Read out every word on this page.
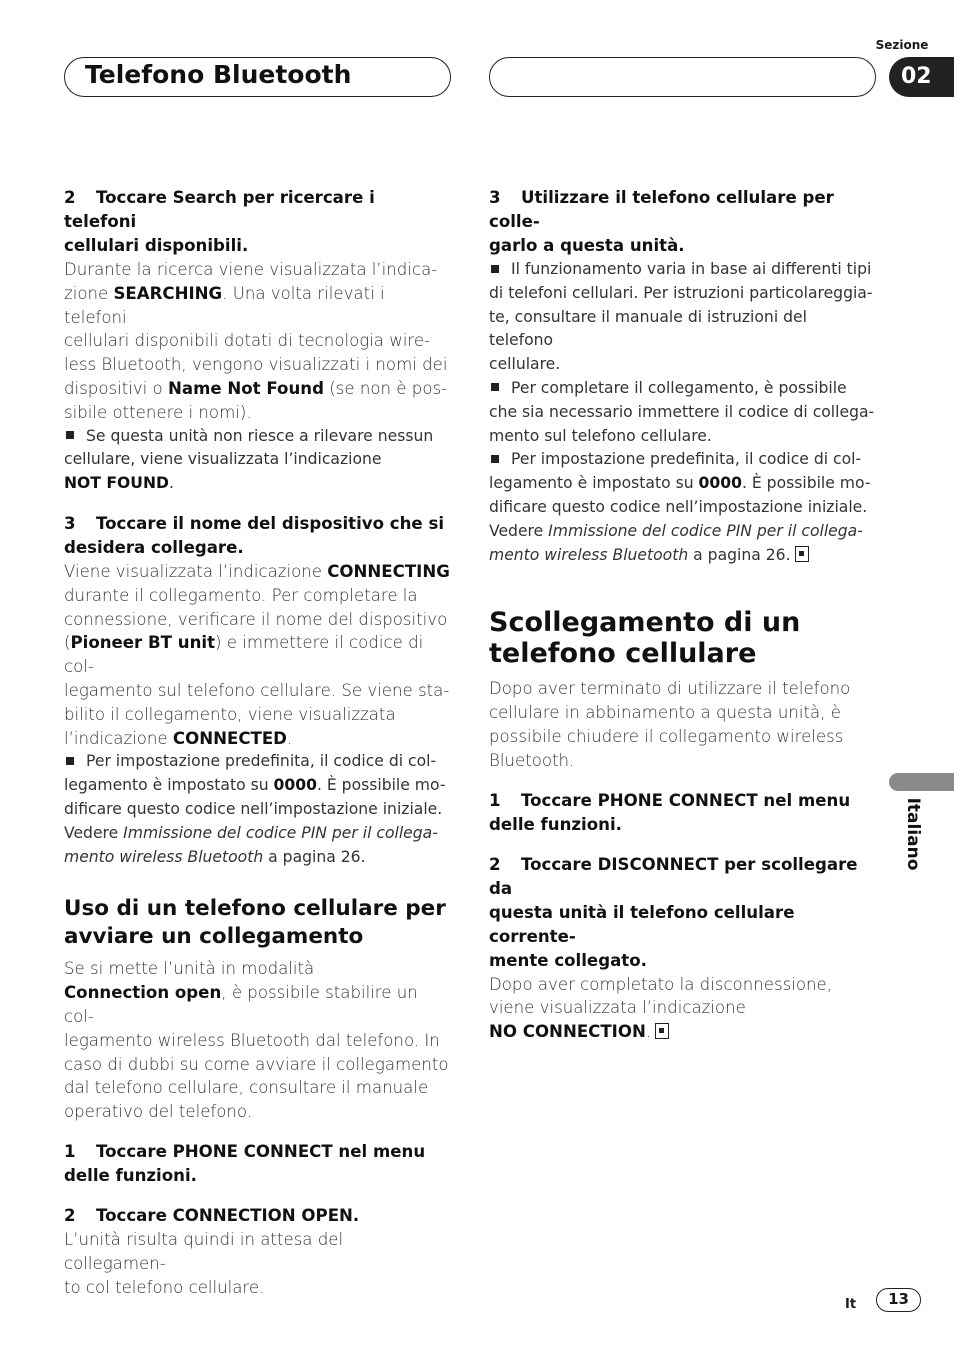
Telefono Bluetooth
Sezione
02
2 Toccare Search per ricercare i telefoni
cellulari disponibili.
Durante la ricerca viene visualizzata l’indica-
zione SEARCHING. Una volta rilevati i telefoni
cellulari disponibili dotati di tecnologia wire-
less Bluetooth, vengono visualizzati i nomi dei
dispositivi o Name Not Found (se non è pos-
sibile ottenere i nomi).
Se questa unità non riesce a rilevare nessun
cellulare, viene visualizzata l’indicazione
NOT FOUND.
3 Toccare il nome del dispositivo che si
desidera collegare.
Viene visualizzata l’indicazione CONNECTING
durante il collegamento. Per completare la
connessione, verificare il nome del dispositivo
(Pioneer BT unit) e immettere il codice di col-
legamento sul telefono cellulare. Se viene sta-
bilito il collegamento, viene visualizzata
l’indicazione CONNECTED.
Per impostazione predefinita, il codice di col-
legamento è impostato su 0000. È possibile mo-
dificare questo codice nell’impostazione iniziale.
Vedere Immissione del codice PIN per il collega-
mento wireless Bluetooth a pagina 26.
Uso di un telefono cellulare per
avviare un collegamento
Se si mette l’unità in modalità
Connection open, è possibile stabilire un col-
legamento wireless Bluetooth dal telefono. In
caso di dubbi su come avviare il collegamento
dal telefono cellulare, consultare il manuale
operativo del telefono.
1 Toccare PHONE CONNECT nel menu
delle funzioni.
2 Toccare CONNECTION OPEN.
L’unità risulta quindi in attesa del collegamen-
to col telefono cellulare.
3 Utilizzare il telefono cellulare per colle-
garlo a questa unità.
Il funzionamento varia in base ai differenti tipi
di telefoni cellulari. Per istruzioni particolareggia-
te, consultare il manuale di istruzioni del telefono
cellulare.
Per completare il collegamento, è possibile
che sia necessario immettere il codice di collega-
mento sul telefono cellulare.
Per impostazione predefinita, il codice di col-
legamento è impostato su 0000. È possibile mo-
dificare questo codice nell’impostazione iniziale.
Vedere Immissione del codice PIN per il collega-
mento wireless Bluetooth a pagina 26.
Scollegamento di un
telefono cellulare
Dopo aver terminato di utilizzare il telefono
cellulare in abbinamento a questa unità, è
possibile chiudere il collegamento wireless
Bluetooth.
1 Toccare PHONE CONNECT nel menu
delle funzioni.
2 Toccare DISCONNECT per scollegare da
questa unità il telefono cellulare corrente-
mente collegato.
Dopo aver completato la disconnessione,
viene visualizzata l’indicazione
NO CONNECTION.
Italiano
It	13
